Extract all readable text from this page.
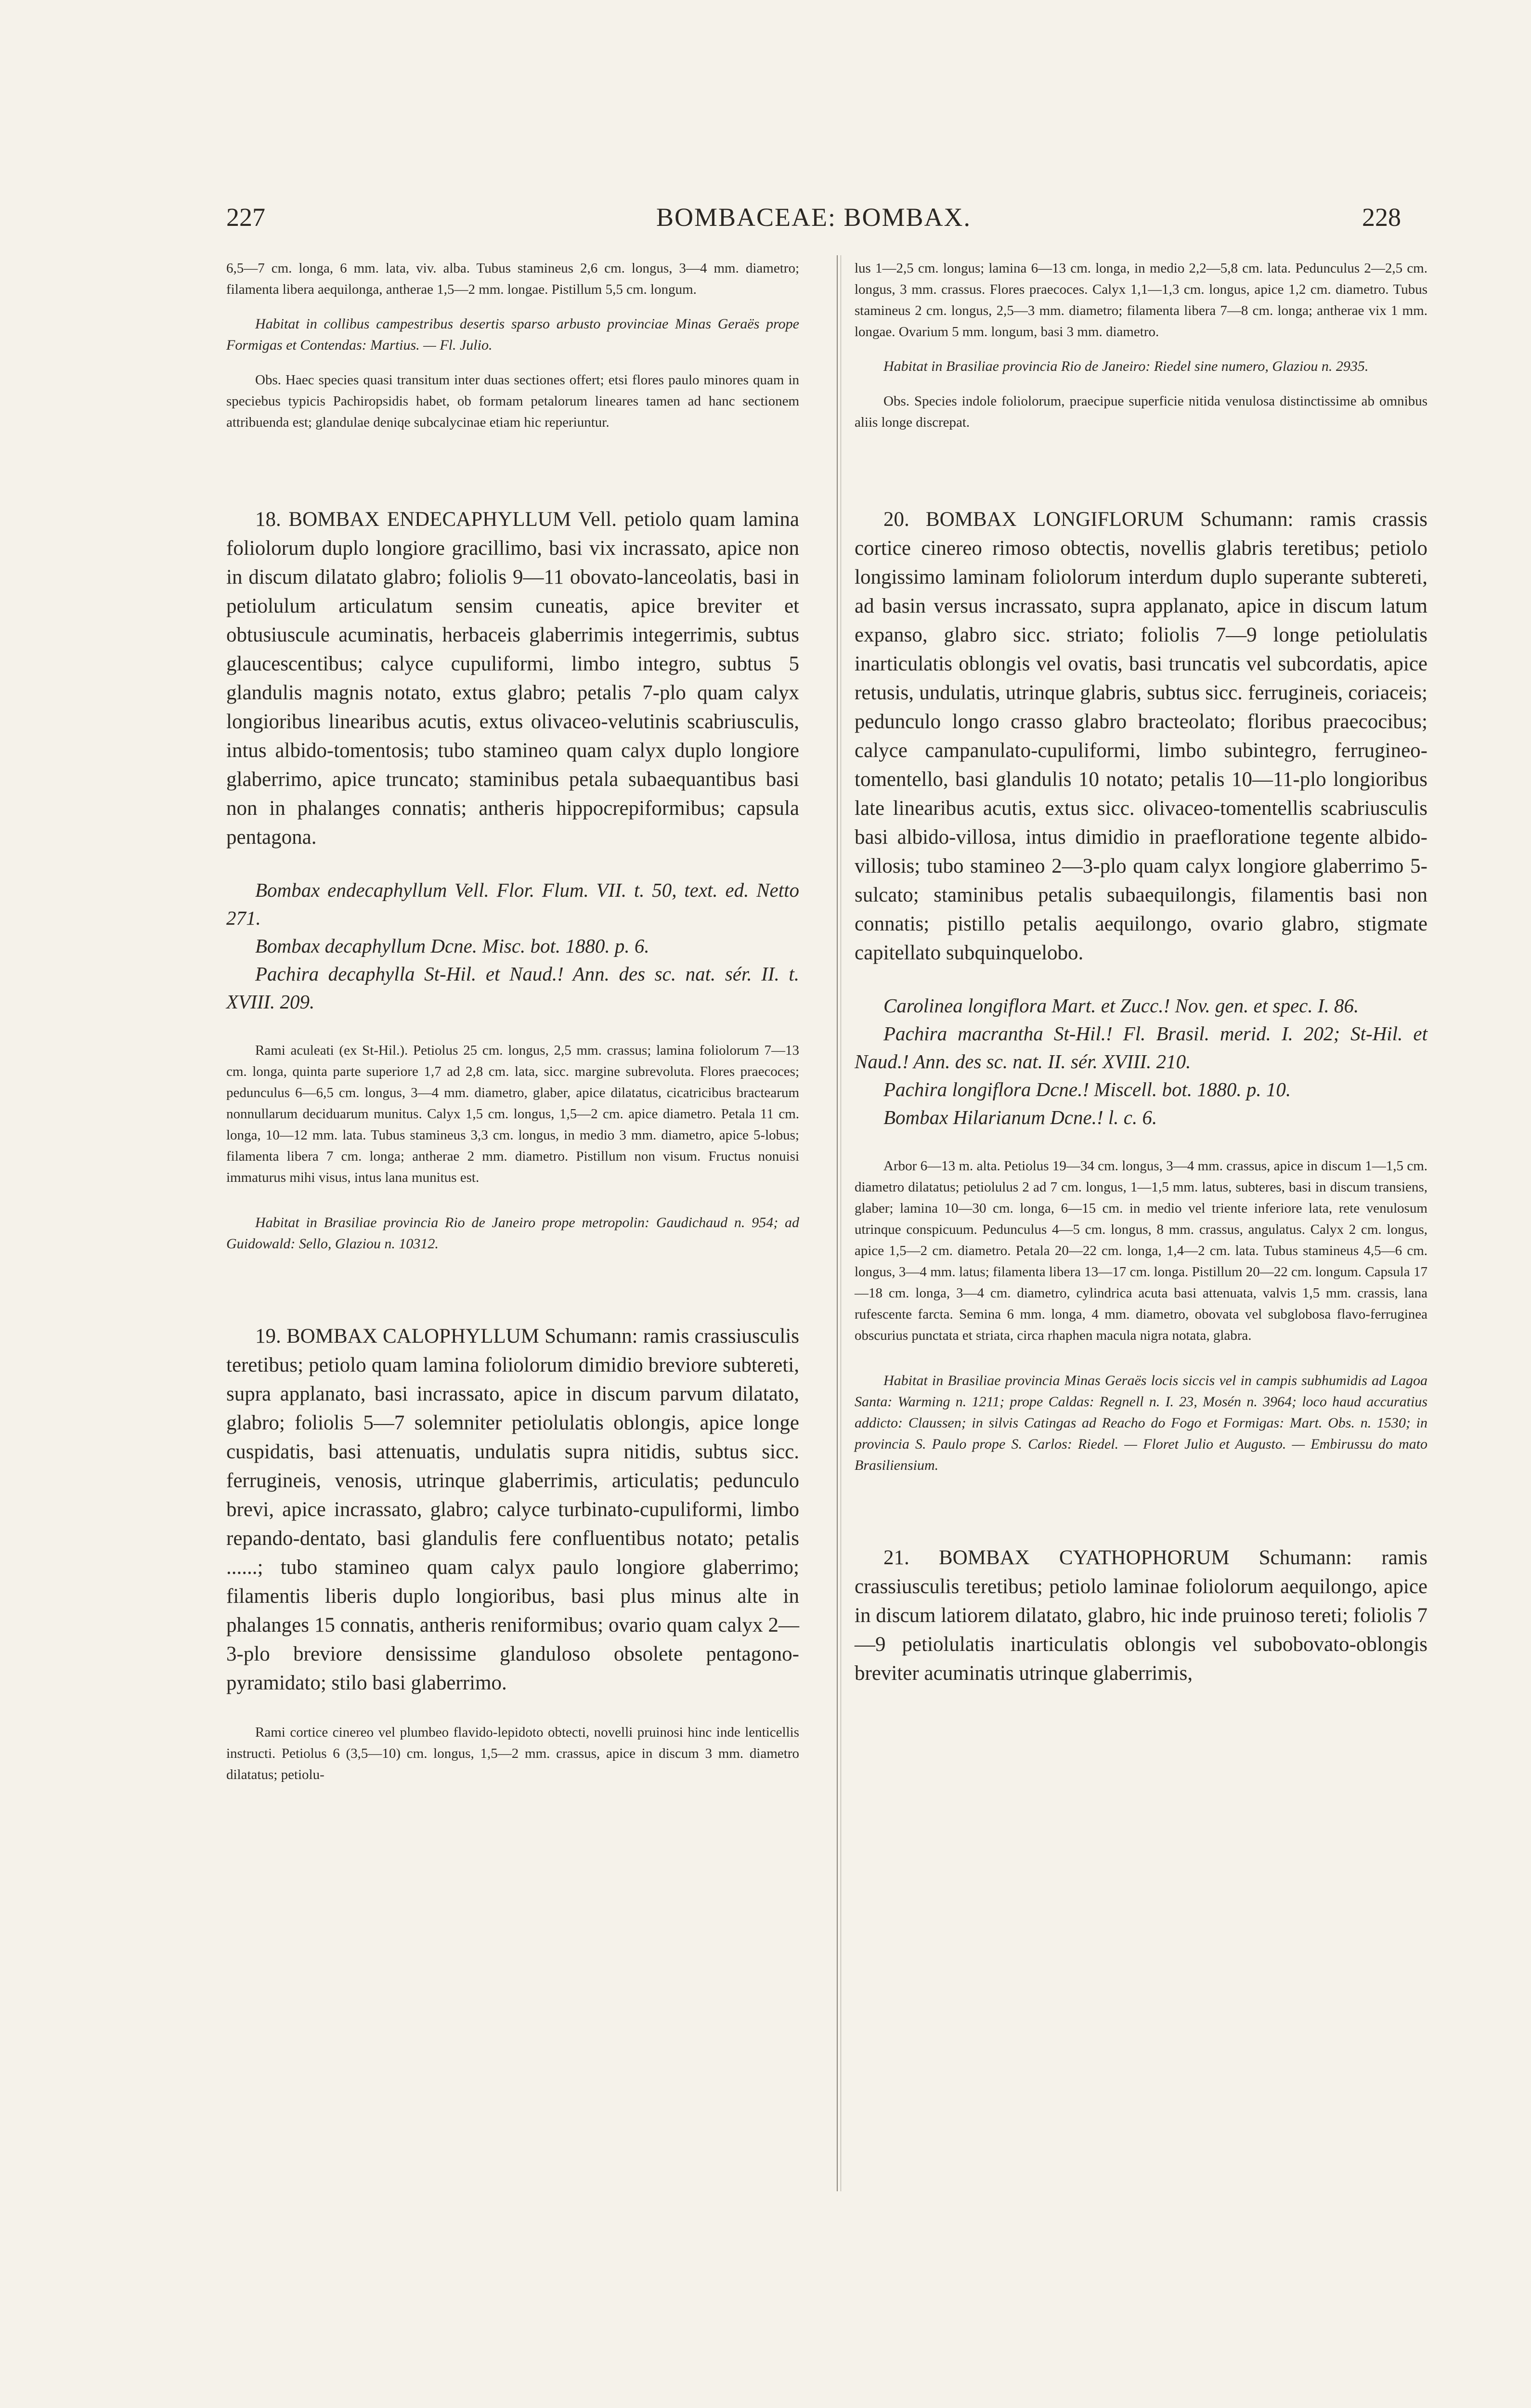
227	BOMBACEAE: BOMBAX.	228

6,5—7 cm. longa, 6 mm. lata, viv. alba. Tubus stamineus 2,6 cm. longus, 3—4 mm. diametro; filamenta libera aequilonga, antherae 1,5—2 mm. longae. Pistillum 5,5 cm. longum.

Habitat in collibus campestribus desertis sparso arbusto provinciae Minas Geraës prope Formigas et Contendas: Martius. — Fl. Julio.

Obs. Haec species quasi transitum inter duas sectiones offert; etsi flores paulo minores quam in speciebus typicis Pachiropsidis habet, ob formam petalorum lineares tamen ad hanc sectionem attribuenda est; glandulae deniqe subcalycinae etiam hic reperiuntur.

18. BOMBAX ENDECAPHYLLUM Vell. petiolo quam lamina foliolorum duplo longiore gracillimo, basi vix incrassato, apice non in discum dilatato glabro; foliolis 9—11 obovato-lanceolatis, basi in petiolulum articulatum sensim cuneatis, apice breviter et obtusiuscule acuminatis, herbaceis glaberrimis integerrimis, subtus glaucescentibus; calyce cupuliformi, limbo integro, subtus 5 glandulis magnis notato, extus glabro; petalis 7-plo quam calyx longioribus linearibus acutis, extus olivaceo-velutinis scabriusculis, intus albido-tomentosis; tubo stamineo quam calyx duplo longiore glaberrimo, apice truncato; staminibus petala subaequantibus basi non in phalanges connatis; antheris hippocrepiformibus; capsula pentagona.

Bombax endecaphyllum Vell. Flor. Flum. VII. t. 50, text. ed. Netto 271.

Bombax decaphyllum Dcne. Misc. bot. 1880. p. 6.

Pachira decaphylla St-Hil. et Naud.! Ann. des sc. nat. sér. II. t. XVIII. 209.

Rami aculeati (ex St-Hil.). Petiolus 25 cm. longus, 2,5 mm. crassus; lamina foliolorum 7—13 cm. longa, quinta parte superiore 1,7 ad 2,8 cm. lata, sicc. margine subrevoluta. Flores praecoces; pedunculus 6—6,5 cm. longus, 3—4 mm. diametro, glaber, apice dilatatus, cicatricibus bractearum nonnullarum deciduarum munitus. Calyx 1,5 cm. longus, 1,5—2 cm. apice diametro. Petala 11 cm. longa, 10—12 mm. lata. Tubus stamineus 3,3 cm. longus, in medio 3 mm. diametro, apice 5-lobus; filamenta libera 7 cm. longa; antherae 2 mm. diametro. Pistillum non visum. Fructus nonuisi immaturus mihi visus, intus lana munitus est.

Habitat in Brasiliae provincia Rio de Janeiro prope metropolin: Gaudichaud n. 954; ad Guidowald: Sello, Glaziou n. 10312.

19. BOMBAX CALOPHYLLUM Schumann: ramis crassiusculis teretibus; petiolo quam lamina foliolorum dimidio breviore subtereti, supra applanato, basi incrassato, apice in discum parvum dilatato, glabro; foliolis 5—7 solemniter petiolulatis oblongis, apice longe cuspidatis, basi attenuatis, undulatis supra nitidis, subtus sicc. ferrugineis, venosis, utrinque glaberrimis, articulatis; pedunculo brevi, apice incrassato, glabro; calyce turbinato-cupuliformi, limbo repando-dentato, basi glandulis fere confluentibus notato; petalis ......; tubo stamineo quam calyx paulo longiore glaberrimo; filamentis liberis duplo longioribus, basi plus minus alte in phalanges 15 connatis, antheris reniformibus; ovario quam calyx 2—3-plo breviore densissime glanduloso obsolete pentagono-pyramidato; stilo basi glaberrimo.

Rami cortice cinereo vel plumbeo flavido-lepidoto obtecti, novelli pruinosi hinc inde lenticellis instructi. Petiolus 6 (3,5—10) cm. longus, 1,5—2 mm. crassus, apice in discum 3 mm. diametro dilatatus; petiolu-

lus 1—2,5 cm. longus; lamina 6—13 cm. longa, in medio 2,2—5,8 cm. lata. Pedunculus 2—2,5 cm. longus, 3 mm. crassus. Flores praecoces. Calyx 1,1—1,3 cm. longus, apice 1,2 cm. diametro. Tubus stamineus 2 cm. longus, 2,5—3 mm. diametro; filamenta libera 7—8 cm. longa; antherae vix 1 mm. longae. Ovarium 5 mm. longum, basi 3 mm. diametro.

Habitat in Brasiliae provincia Rio de Janeiro: Riedel sine numero, Glaziou n. 2935.

Obs. Species indole foliolorum, praecipue superficie nitida venulosa distinctissime ab omnibus aliis longe discrepat.

20. BOMBAX LONGIFLORUM Schumann: ramis crassis cortice cinereo rimoso obtectis, novellis glabris teretibus; petiolo longissimo laminam foliolorum interdum duplo superante subtereti, ad basin versus incrassato, supra applanato, apice in discum latum expanso, glabro sicc. striato; foliolis 7—9 longe petiolulatis inarticulatis oblongis vel ovatis, basi truncatis vel subcordatis, apice retusis, undulatis, utrinque glabris, subtus sicc. ferrugineis, coriaceis; pedunculo longo crasso glabro bracteolato; floribus praecocibus; calyce campanulato-cupuliformi, limbo subintegro, ferrugineo-tomentello, basi glandulis 10 notato; petalis 10—11-plo longioribus late linearibus acutis, extus sicc. olivaceo-tomentellis scabriusculis basi albido-villosa, intus dimidio in praefloratione tegente albido-villosis; tubo stamineo 2—3-plo quam calyx longiore glaberrimo 5-sulcato; staminibus petalis subaequilongis, filamentis basi non connatis; pistillo petalis aequilongo, ovario glabro, stigmate capitellato subquinquelobo.

Carolinea longiflora Mart. et Zucc.! Nov. gen. et spec. I. 86.

Pachira macrantha St-Hil.! Fl. Brasil. merid. I. 202; St-Hil. et Naud.! Ann. des sc. nat. II. sér. XVIII. 210.

Pachira longiflora Dcne.! Miscell. bot. 1880. p. 10.

Bombax Hilarianum Dcne.! l. c. 6.

Arbor 6—13 m. alta. Petiolus 19—34 cm. longus, 3—4 mm. crassus, apice in discum 1—1,5 cm. diametro dilatatus; petiolulus 2 ad 7 cm. longus, 1—1,5 mm. latus, subteres, basi in discum transiens, glaber; lamina 10—30 cm. longa, 6—15 cm. in medio vel triente inferiore lata, rete venulosum utrinque conspicuum. Pedunculus 4—5 cm. longus, 8 mm. crassus, angulatus. Calyx 2 cm. longus, apice 1,5—2 cm. diametro. Petala 20—22 cm. longa, 1,4—2 cm. lata. Tubus stamineus 4,5—6 cm. longus, 3—4 mm. latus; filamenta libera 13—17 cm. longa. Pistillum 20—22 cm. longum. Capsula 17—18 cm. longa, 3—4 cm. diametro, cylindrica acuta basi attenuata, valvis 1,5 mm. crassis, lana rufescente farcta. Semina 6 mm. longa, 4 mm. diametro, obovata vel subglobosa flavo-ferruginea obscurius punctata et striata, circa rhaphen macula nigra notata, glabra.

Habitat in Brasiliae provincia Minas Geraës locis siccis vel in campis subhumidis ad Lagoa Santa: Warming n. 1211; prope Caldas: Regnell n. I. 23, Mosén n. 3964; loco haud accuratius addicto: Claussen; in silvis Catingas ad Reacho do Fogo et Formigas: Mart. Obs. n. 1530; in provincia S. Paulo prope S. Carlos: Riedel. — Floret Julio et Augusto. — Embirussu do mato Brasiliensium.

21. BOMBAX CYATHOPHORUM Schumann: ramis crassiusculis teretibus; petiolo laminae foliolorum aequilongo, apice in discum latiorem dilatato, glabro, hic inde pruinoso tereti; foliolis 7—9 petiolulatis inarticulatis oblongis vel subobovato-oblongis breviter acuminatis utrinque glaberrimis,
